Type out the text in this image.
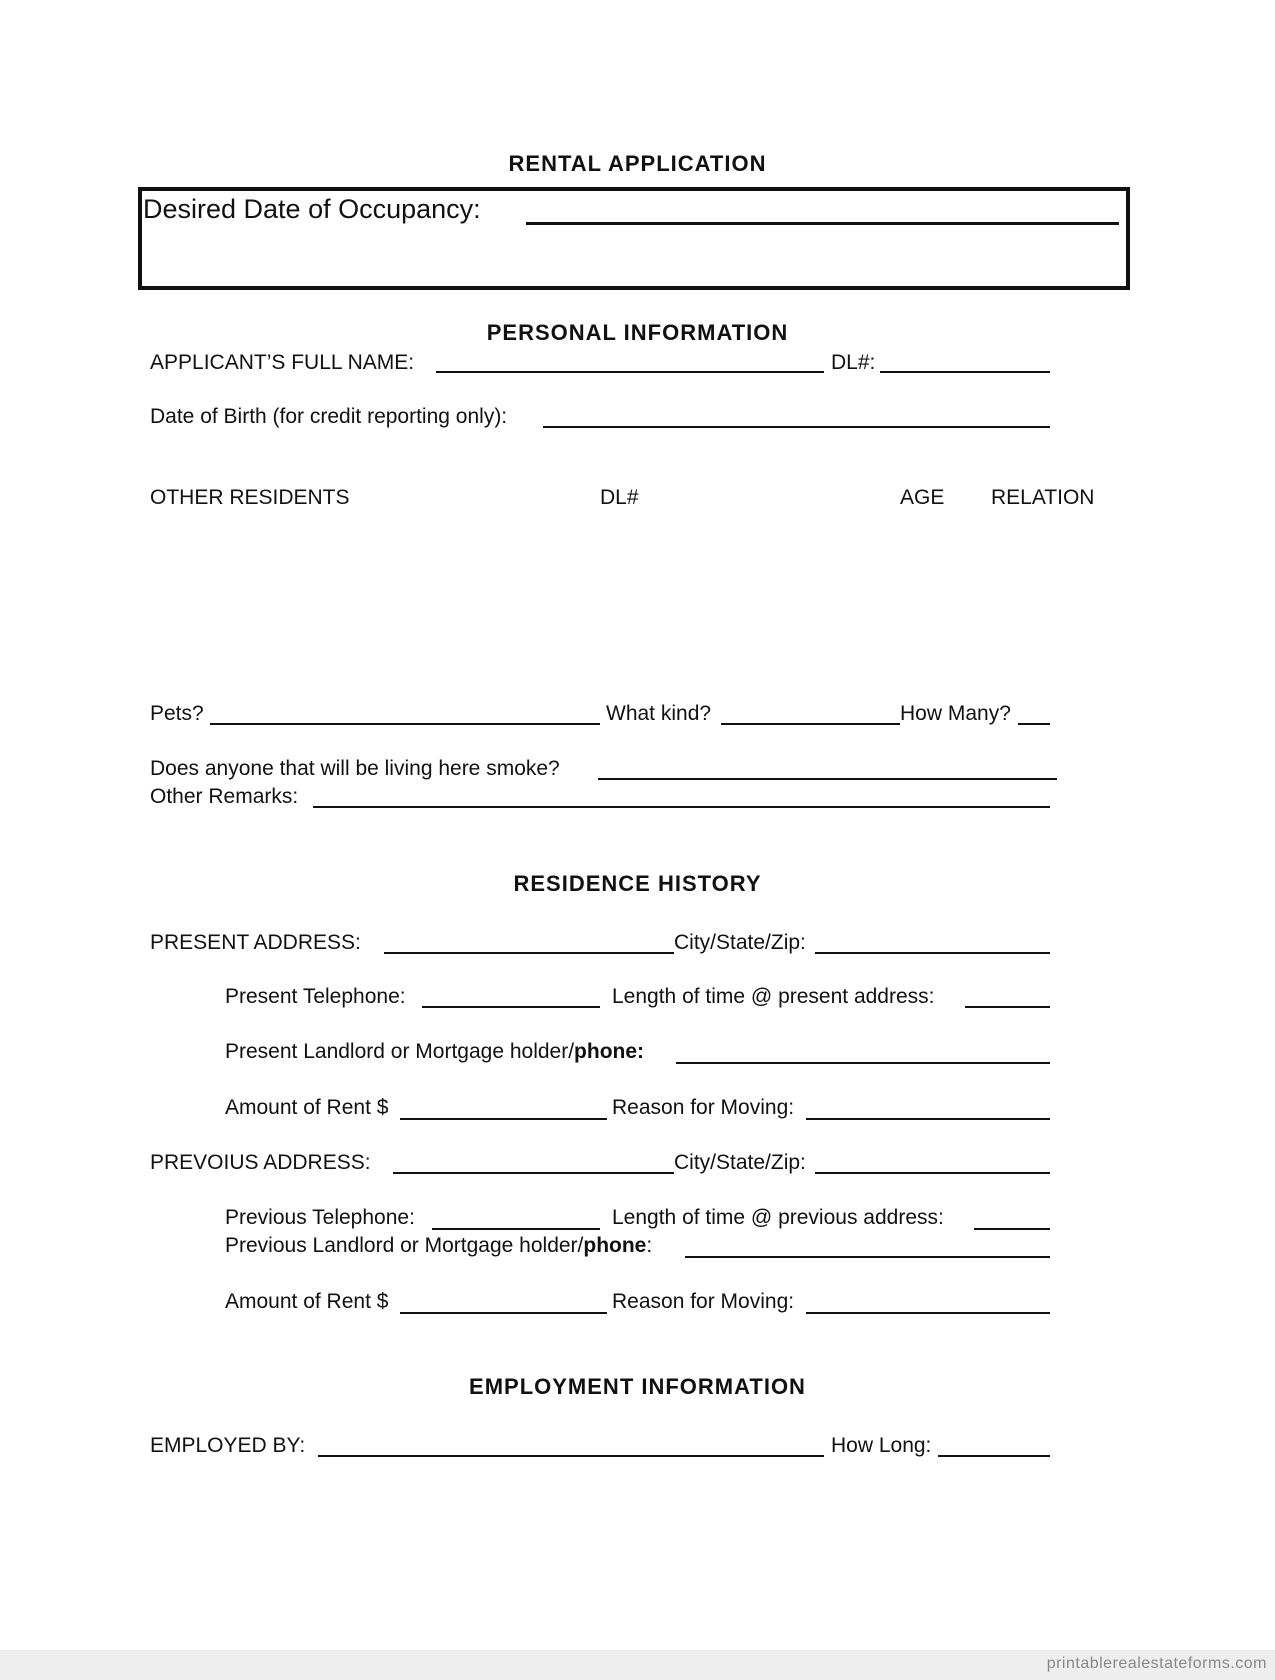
RENTAL APPLICATION
Desired Date of Occupancy:
PERSONAL INFORMATION
APPLICANT’S FULL NAME:	DL#:
Date of Birth (for credit reporting only):
OTHER RESIDENTS	DL#	AGE RELATION
Pets?	What kind?	How Many?
Does anyone that will be living here smoke?
Other Remarks:
RESIDENCE HISTORY
PRESENT ADDRESS:	City/State/Zip:
Present Telephone:	Length of time @ present address:
Present Landlord or Mortgage holder/phone:
Amount of Rent $	Reason for Moving:
PREVOIUS ADDRESS:	City/State/Zip:
Previous Telephone:	Length of time @ previous address:
Previous Landlord or Mortgage holder/phone:
Amount of Rent $	Reason for Moving:
EMPLOYMENT INFORMATION
EMPLOYED BY:	How Long:
printablerealestateforms.com
